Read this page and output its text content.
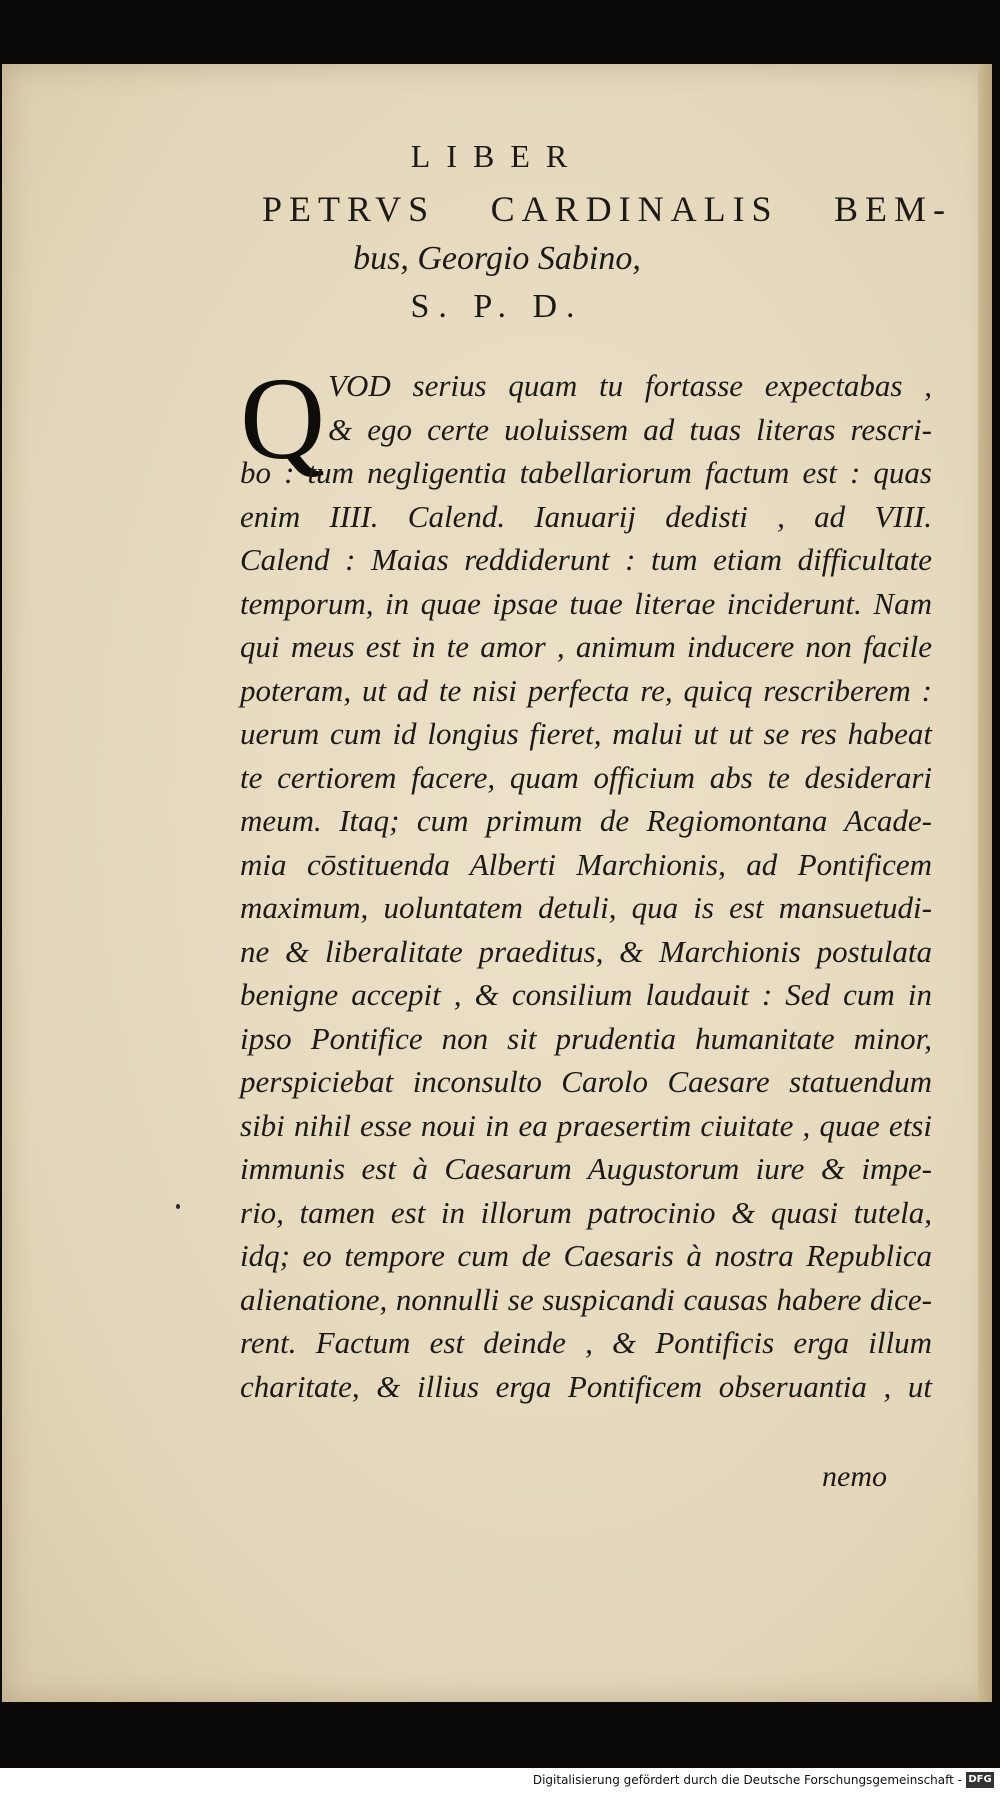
LIBER
PETRVS CARDINALIS BEM-
bus, Georgio Sabino,
S. P. D.
Q VOD serius quam tu fortasse expectabas ,
& ego certe uoluissem ad tuas literas rescri-
bo : tum negligentia tabellariorum factum est : quas
enim IIII. Calend. Ianuarij dedisti , ad VIII.
Calend : Maias reddiderunt : tum etiam difficultate
temporum, in quae ipsae tuae literae inciderunt. Nam
qui meus est in te amor , animum inducere non facile
poteram, ut ad te nisi perfecta re, quicq rescriberem :
uerum cum id longius fieret, malui ut ut se res habeat
te certiorem facere, quam officium abs te desiderari
meum. Itaq; cum primum de Regiomontana Acade-
mia cōstituenda Alberti Marchionis, ad Pontificem
maximum, uoluntatem detuli, qua is est mansuetudi-
ne & liberalitate praeditus, & Marchionis postulata
benigne accepit , & consilium laudauit : Sed cum in
ipso Pontifice non sit prudentia humanitate minor,
perspiciebat inconsulto Carolo Caesare statuendum
sibi nihil esse noui in ea praesertim ciuitate , quae etsi
immunis est à Caesarum Augustorum iure & impe-
rio, tamen est in illorum patrocinio & quasi tutela,
idq; eo tempore cum de Caesaris à nostra Republica
alienatione, nonnulli se suspicandi causas habere dice-
rent. Factum est deinde , & Pontificis erga illum
charitate, & illius erga Pontificem obseruantia , ut
nemo
Digitalisierung gefördert durch die Deutsche Forschungsgemeinschaft - DFG
